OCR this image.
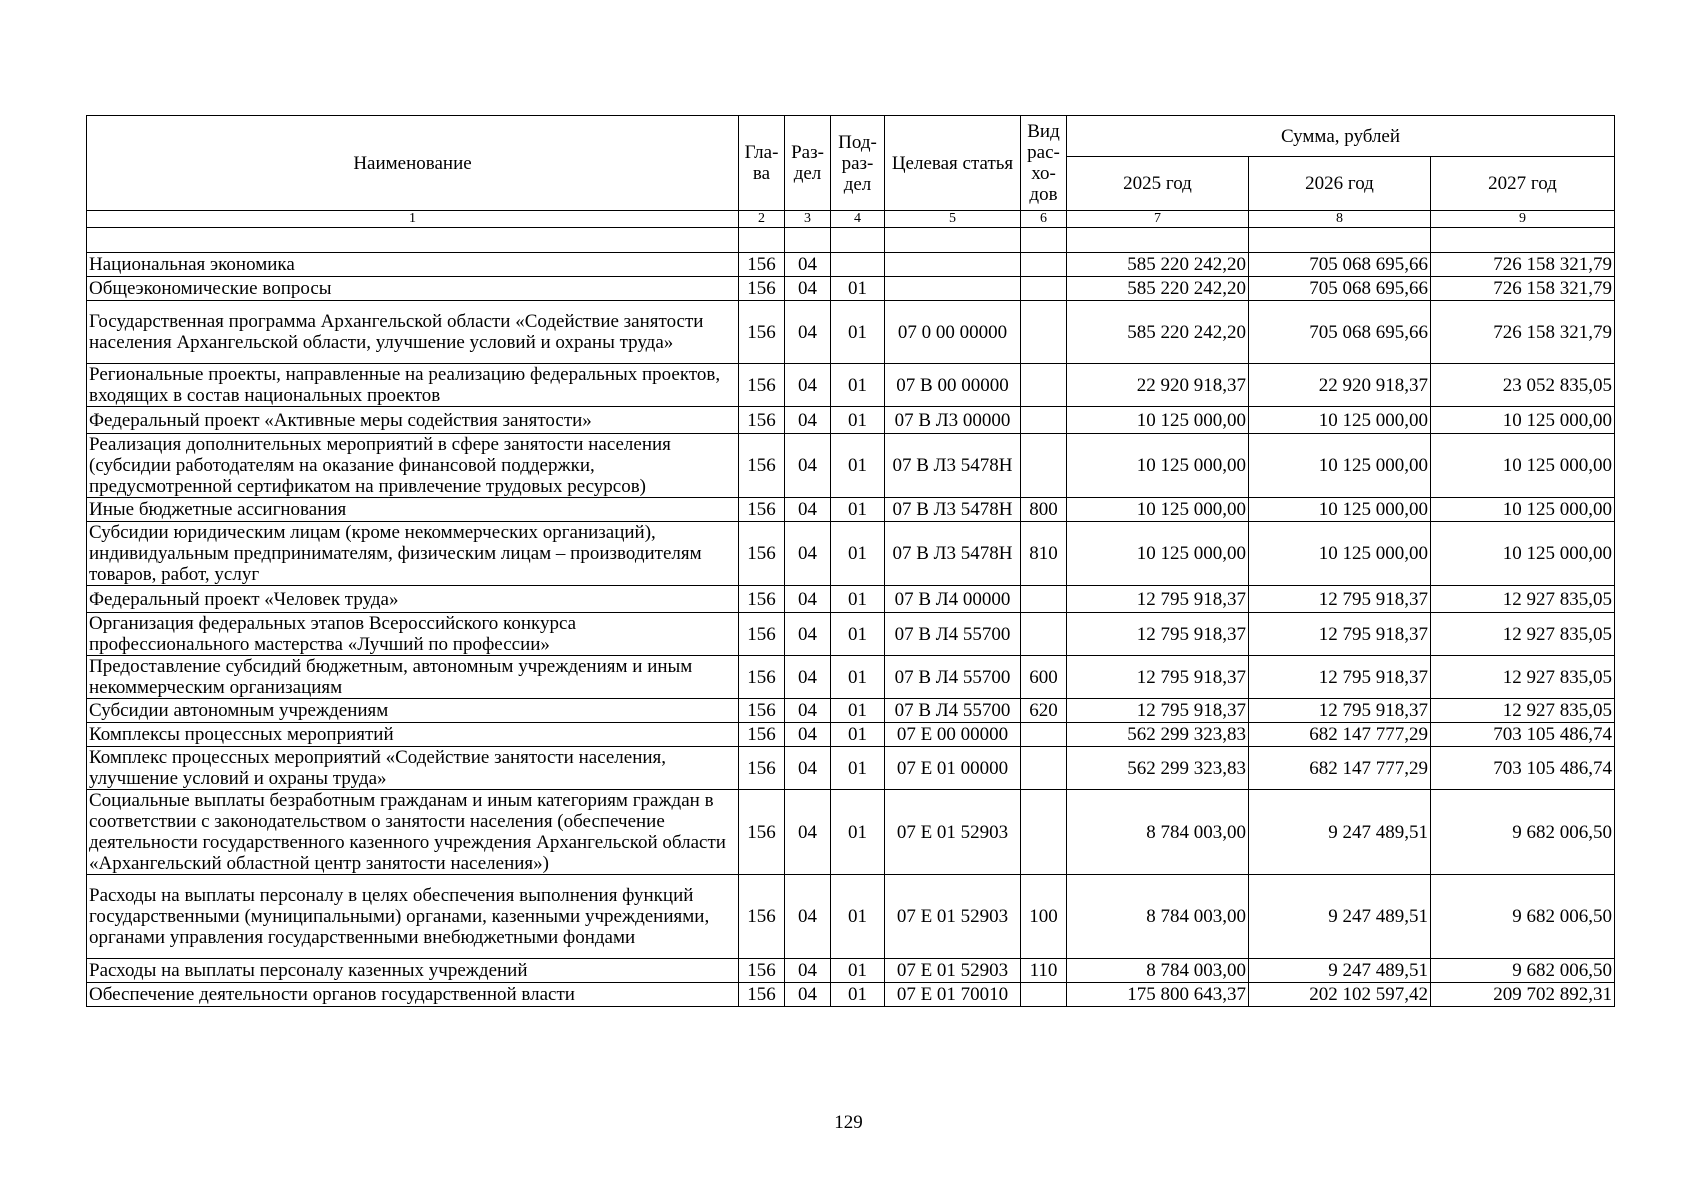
Наименование	Гла-ва	Раз-дел	Под-раз-дел	Целевая статья	Вид рас-хо-дов	Сумма, рублей		
						2025 год	2026 год	2027 год
1	2	3	4	5	6	7	8	9

Национальная экономика	156	04				585 220 242,20	705 068 695,66	726 158 321,79
Общеэкономические вопросы	156	04	01			585 220 242,20	705 068 695,66	726 158 321,79
Государственная программа Архангельской области «Содействие занятости населения Архангельской области, улучшение условий и охраны труда»	156	04	01	07 0 00 00000		585 220 242,20	705 068 695,66	726 158 321,79
Региональные проекты, направленные на реализацию федеральных проектов, входящих в состав национальных проектов	156	04	01	07 В 00 00000		22 920 918,37	22 920 918,37	23 052 835,05
Федеральный проект «Активные меры содействия занятости»	156	04	01	07 В Л3 00000		10 125 000,00	10 125 000,00	10 125 000,00
Реализация дополнительных мероприятий в сфере занятости населения (субсидии работодателям на оказание финансовой поддержки, предусмотренной сертификатом на привлечение трудовых ресурсов)	156	04	01	07 В Л3 5478Н		10 125 000,00	10 125 000,00	10 125 000,00
Иные бюджетные ассигнования	156	04	01	07 В Л3 5478Н	800	10 125 000,00	10 125 000,00	10 125 000,00
Субсидии юридическим лицам (кроме некоммерческих организаций), индивидуальным предпринимателям, физическим лицам – производителям товаров, работ, услуг	156	04	01	07 В Л3 5478Н	810	10 125 000,00	10 125 000,00	10 125 000,00
Федеральный проект «Человек труда»	156	04	01	07 В Л4 00000		12 795 918,37	12 795 918,37	12 927 835,05
Организация федеральных этапов Всероссийского конкурса профессионального мастерства «Лучший по профессии»	156	04	01	07 В Л4 55700		12 795 918,37	12 795 918,37	12 927 835,05
Предоставление субсидий бюджетным, автономным учреждениям и иным некоммерческим организациям	156	04	01	07 В Л4 55700	600	12 795 918,37	12 795 918,37	12 927 835,05
Субсидии автономным учреждениям	156	04	01	07 В Л4 55700	620	12 795 918,37	12 795 918,37	12 927 835,05
Комплексы процессных мероприятий	156	04	01	07 Е 00 00000		562 299 323,83	682 147 777,29	703 105 486,74
Комплекс процессных мероприятий «Содействие занятости населения, улучшение условий и охраны труда»	156	04	01	07 Е 01 00000		562 299 323,83	682 147 777,29	703 105 486,74
Социальные выплаты безработным гражданам и иным категориям граждан в соответствии с законодательством о занятости населения (обеспечение деятельности государственного казенного учреждения Архангельской области «Архангельский областной центр занятости населения»)	156	04	01	07 Е 01 52903		8 784 003,00	9 247 489,51	9 682 006,50
Расходы на выплаты персоналу в целях обеспечения выполнения функций государственными (муниципальными) органами, казенными учреждениями, органами управления государственными внебюджетными фондами	156	04	01	07 Е 01 52903	100	8 784 003,00	9 247 489,51	9 682 006,50
Расходы на выплаты персоналу казенных учреждений	156	04	01	07 Е 01 52903	110	8 784 003,00	9 247 489,51	9 682 006,50
Обеспечение деятельности органов государственной власти	156	04	01	07 Е 01 70010		175 800 643,37	202 102 597,42	209 702 892,31
129
